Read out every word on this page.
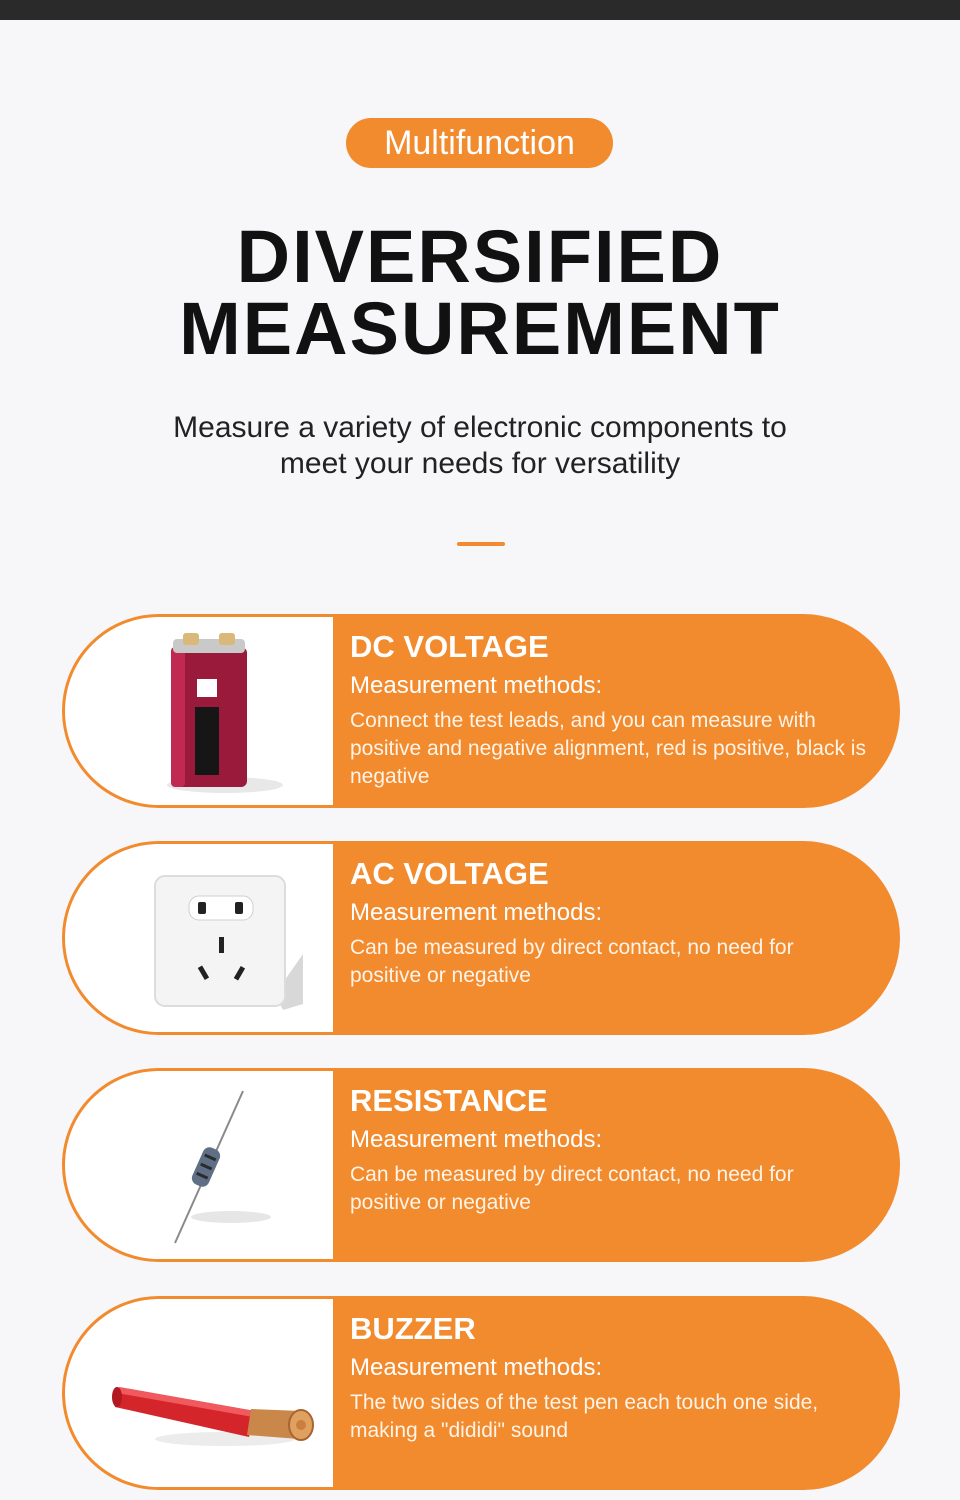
Multifunction
DIVERSIFIED
MEASUREMENT
Measure a variety of electronic components to
meet your needs for versatility
DC VOLTAGE
Measurement methods:
Connect the test leads, and you can measure with positive and negative alignment, red is positive, black is negative
AC VOLTAGE
Measurement methods:
Can be measured by direct contact, no need for positive or negative
RESISTANCE
Measurement methods:
Can be measured by direct contact, no need for positive or negative
BUZZER
Measurement methods:
The two sides of the test pen each touch one side, making a "dididi" sound
